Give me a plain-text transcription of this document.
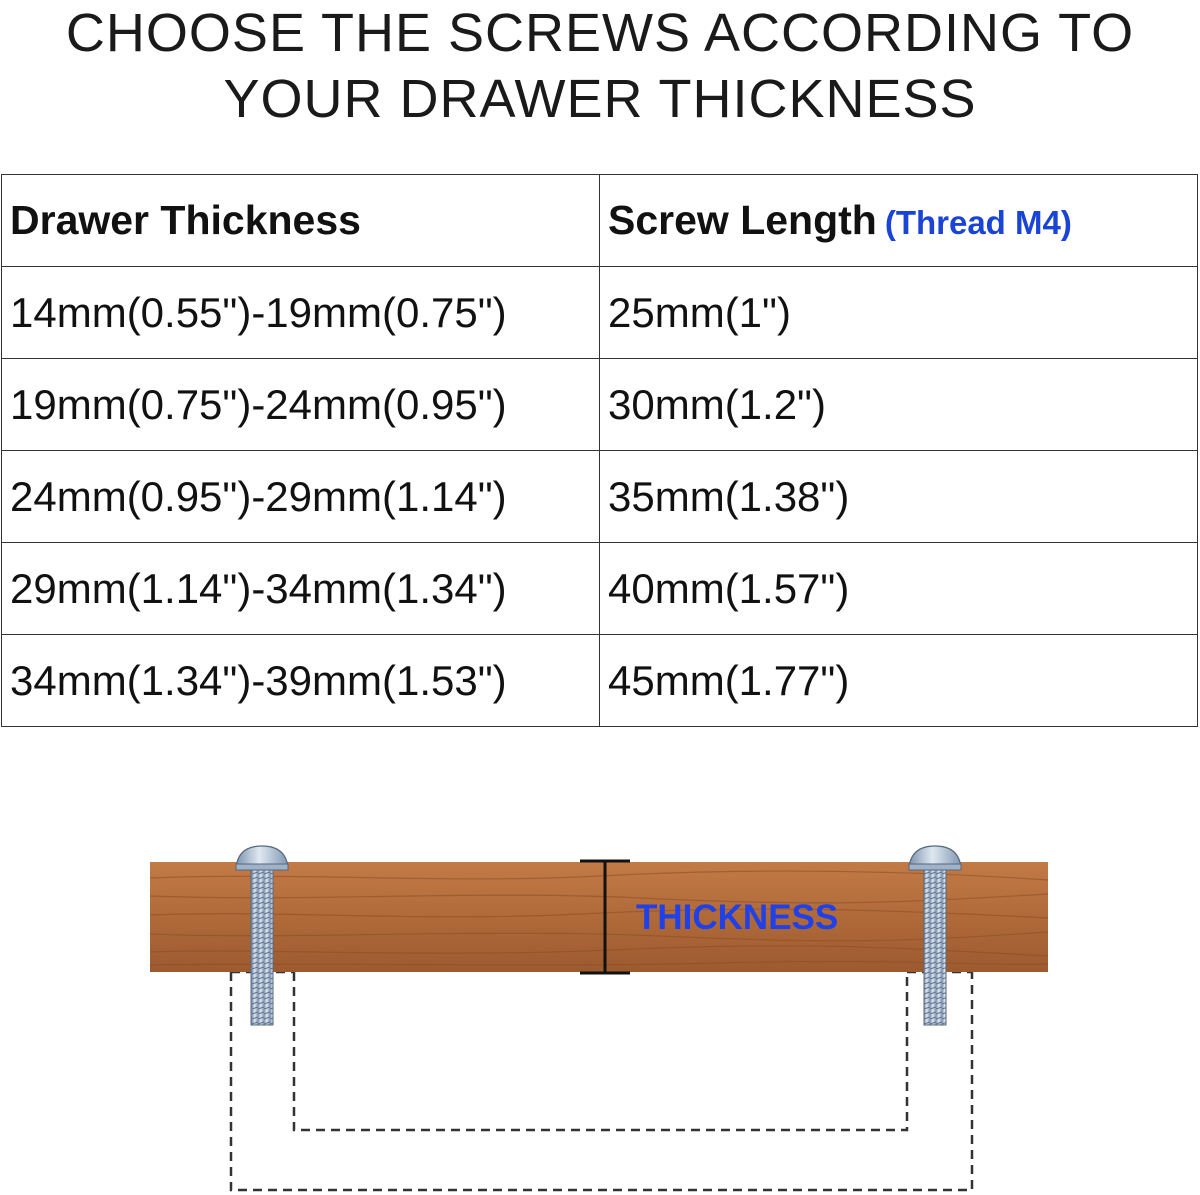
CHOOSE THE SCREWS ACCORDING TO
YOUR DRAWER THICKNESS
Drawer Thickness	Screw Length (Thread M4)
14mm(0.55")-19mm(0.75")	25mm(1")
19mm(0.75")-24mm(0.95")	30mm(1.2")
24mm(0.95")-29mm(1.14")	35mm(1.38")
29mm(1.14")-34mm(1.34")	40mm(1.57")
34mm(1.34")-39mm(1.53")	45mm(1.77")
THICKNESS
